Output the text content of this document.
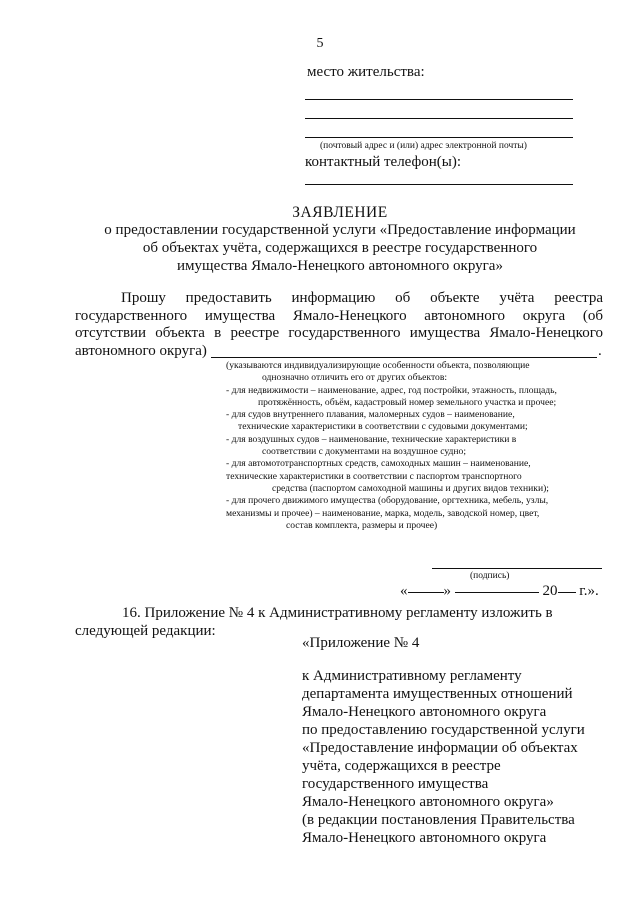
5
место жительства:
(почтовый адрес и (или) адрес электронной почты)
контактный телефон(ы):
ЗАЯВЛЕНИЕ
о предоставлении государственной услуги «Предоставление информации
об объектах учёта, содержащихся в реестре государственного
имущества Ямало-Ненецкого автономного округа»
Прошу предоставить информацию об объекте учёта реестра государственного имущества Ямало-Ненецкого автономного округа (об отсутствии объекта в реестре государственного имущества Ямало-Ненецкого автономного округа)	.
(указываются индивидуализирующие особенности объекта, позволяющие
однозначно отличить его от других объектов:
- для недвижимости – наименование, адрес, год постройки, этажность, площадь,
протяжённость, объём, кадастровый номер земельного участка и прочее;
- для судов внутреннего плавания, маломерных судов – наименование,
технические характеристики в соответствии с судовыми документами;
- для воздушных судов – наименование, технические характеристики в
соответствии с документами на воздушное судно;
- для автомототранспортных средств, самоходных машин – наименование,
технические характеристики в соответствии с паспортом транспортного
средства (паспортом самоходной машины и других видов техники);
- для прочего движимого имущества (оборудование, оргтехника, мебель, узлы,
механизмы и прочее) – наименование, марка, модель, заводской номер, цвет,
состав комплекта, размеры и прочее)
(подпись)
« »	20 г.».
16. Приложение № 4 к Административному регламенту изложить в
следующей редакции:
«Приложение № 4
к Административному регламенту
департамента имущественных отношений
Ямало-Ненецкого автономного округа
по предоставлению государственной услуги
«Предоставление информации об объектах
учёта, содержащихся в реестре
государственного имущества
Ямало-Ненецкого автономного округа»
(в редакции постановления Правительства
Ямало-Ненецкого автономного округа
